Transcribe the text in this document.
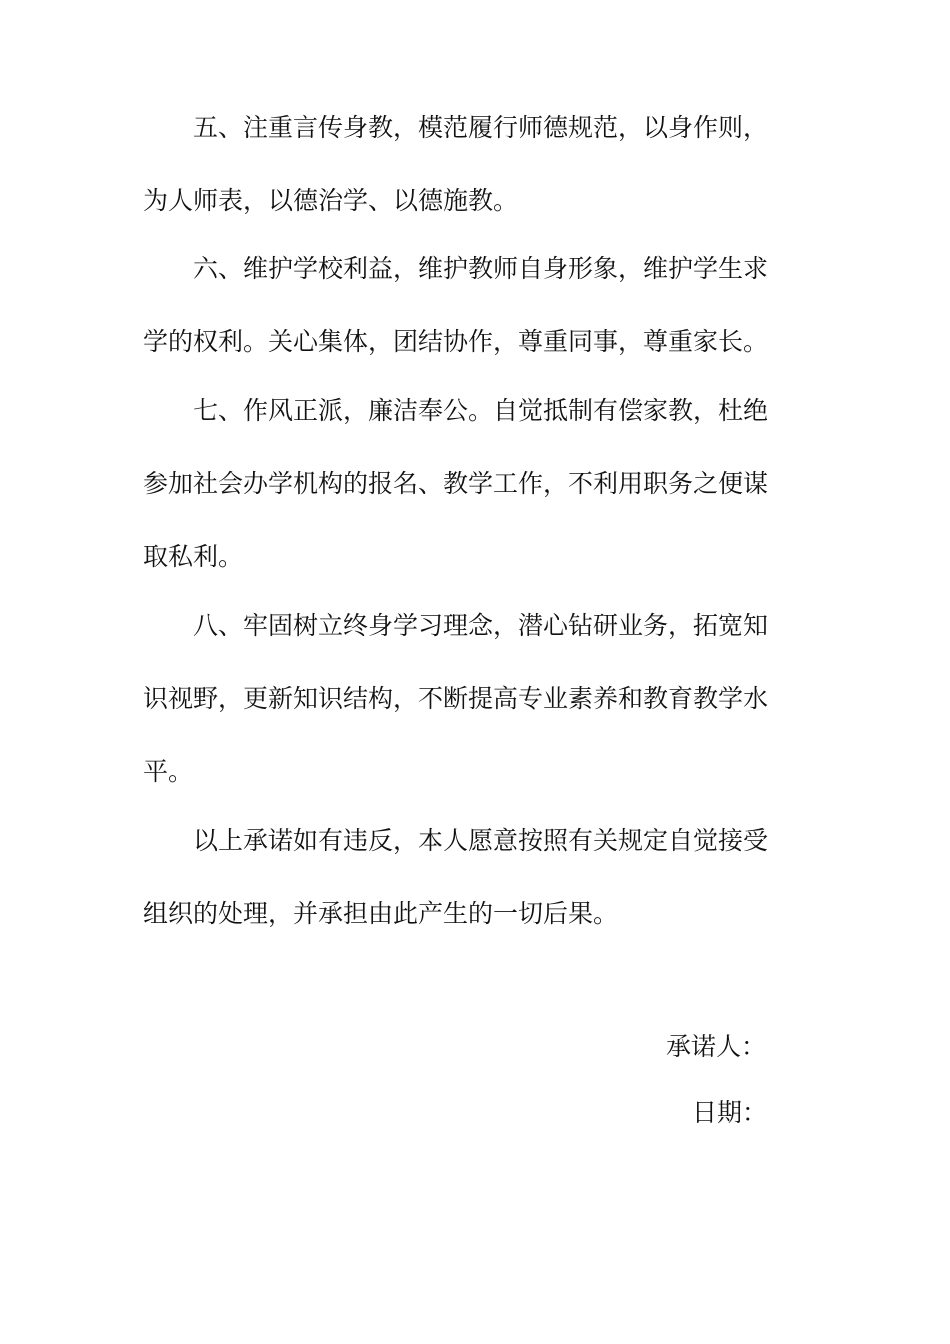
五、注重言传身教，模范履行师德规范，以身作则，
为人师表，以德治学、以德施教。
六、维护学校利益，维护教师自身形象，维护学生求
学的权利。关心集体，团结协作，尊重同事，尊重家长。
七、作风正派，廉洁奉公。自觉抵制有偿家教，杜绝
参加社会办学机构的报名、教学工作，不利用职务之便谋
取私利。
八、牢固树立终身学习理念，潜心钻研业务，拓宽知
识视野，更新知识结构，不断提高专业素养和教育教学水
平。
以上承诺如有违反，本人愿意按照有关规定自觉接受
组织的处理，并承担由此产生的一切后果。
承诺人：
日期：
